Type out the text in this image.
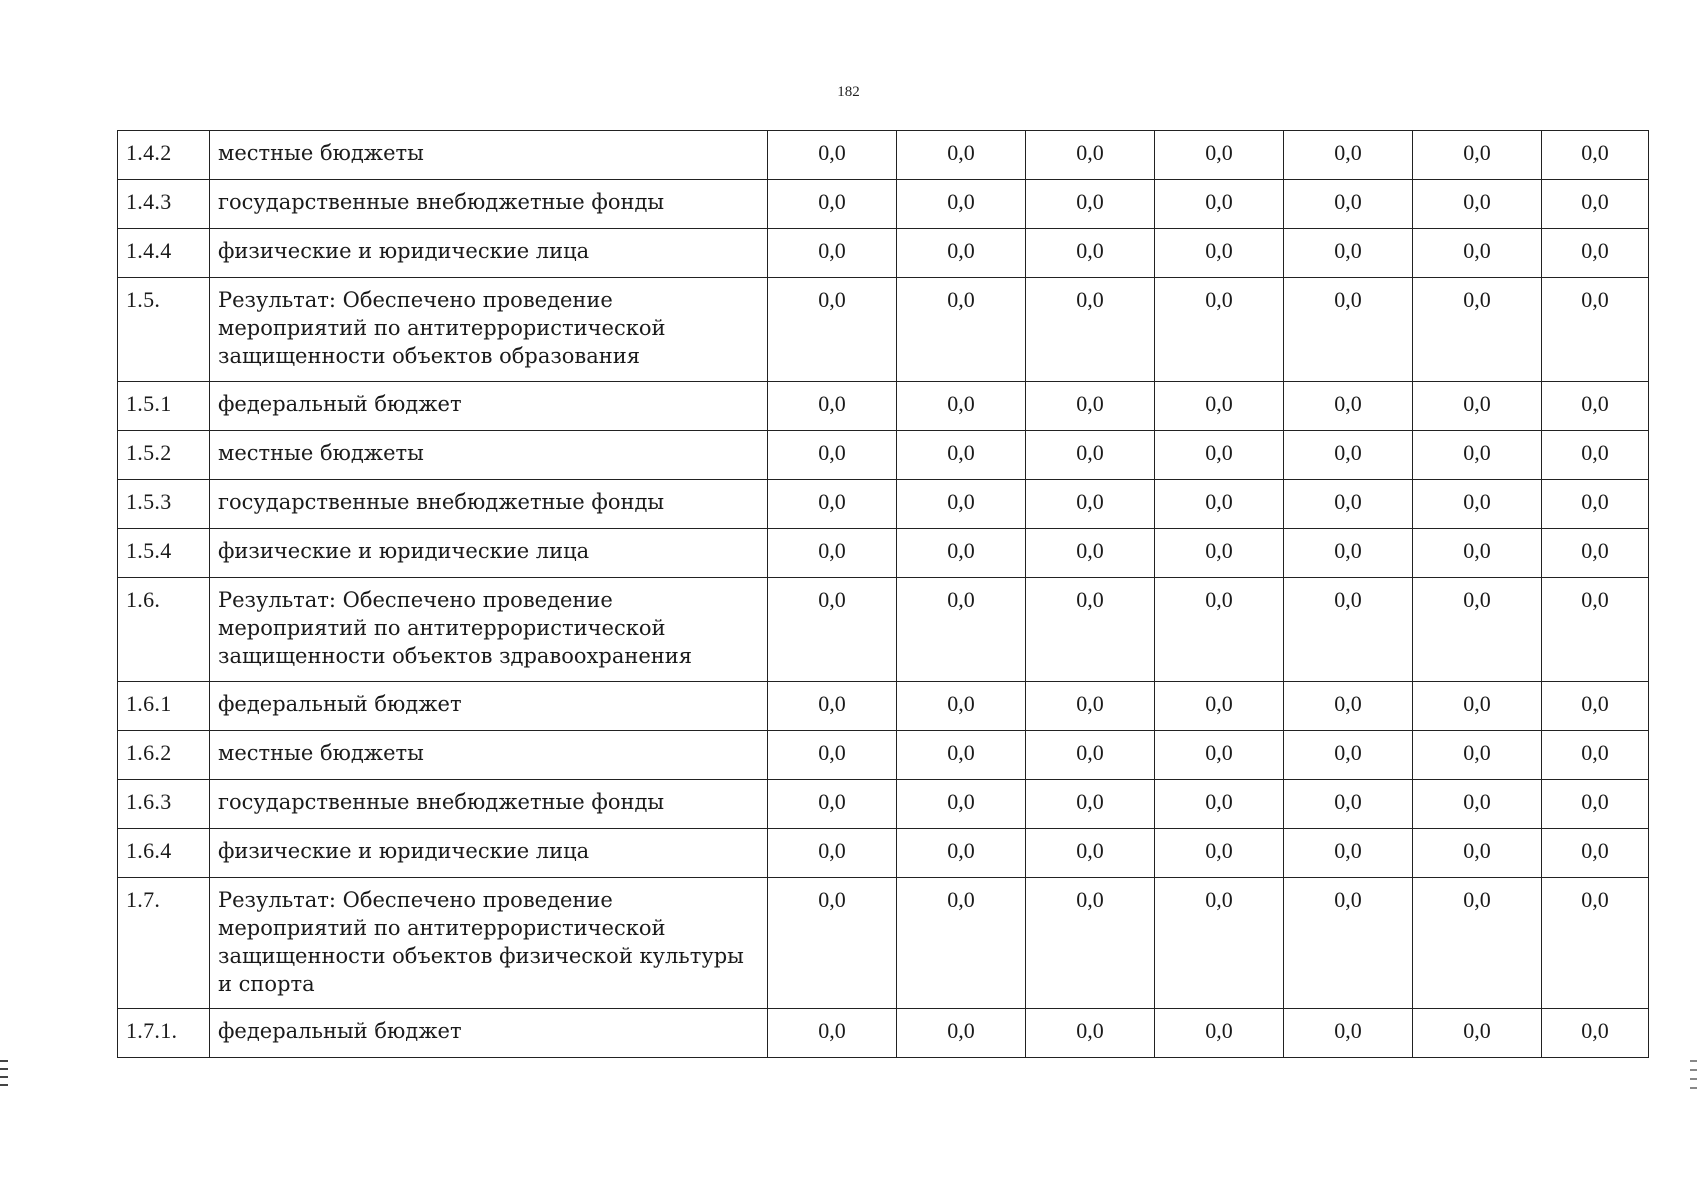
182
1.4.2	местные бюджеты	0,0	0,0	0,0	0,0	0,0	0,0	0,0
1.4.3	государственные внебюджетные фонды	0,0	0,0	0,0	0,0	0,0	0,0	0,0
1.4.4	физические и юридические лица	0,0	0,0	0,0	0,0	0,0	0,0	0,0
1.5.	Результат: Обеспечено проведение мероприятий по антитеррористической защищенности объектов образования	0,0	0,0	0,0	0,0	0,0	0,0	0,0
1.5.1	федеральный бюджет	0,0	0,0	0,0	0,0	0,0	0,0	0,0
1.5.2	местные бюджеты	0,0	0,0	0,0	0,0	0,0	0,0	0,0
1.5.3	государственные внебюджетные фонды	0,0	0,0	0,0	0,0	0,0	0,0	0,0
1.5.4	физические и юридические лица	0,0	0,0	0,0	0,0	0,0	0,0	0,0
1.6.	Результат: Обеспечено проведение мероприятий по антитеррористической защищенности объектов здравоохранения	0,0	0,0	0,0	0,0	0,0	0,0	0,0
1.6.1	федеральный бюджет	0,0	0,0	0,0	0,0	0,0	0,0	0,0
1.6.2	местные бюджеты	0,0	0,0	0,0	0,0	0,0	0,0	0,0
1.6.3	государственные внебюджетные фонды	0,0	0,0	0,0	0,0	0,0	0,0	0,0
1.6.4	физические и юридические лица	0,0	0,0	0,0	0,0	0,0	0,0	0,0
1.7.	Результат: Обеспечено проведение мероприятий по антитеррористической защищенности объектов физической культуры и спорта	0,0	0,0	0,0	0,0	0,0	0,0	0,0
1.7.1.	федеральный бюджет	0,0	0,0	0,0	0,0	0,0	0,0	0,0
